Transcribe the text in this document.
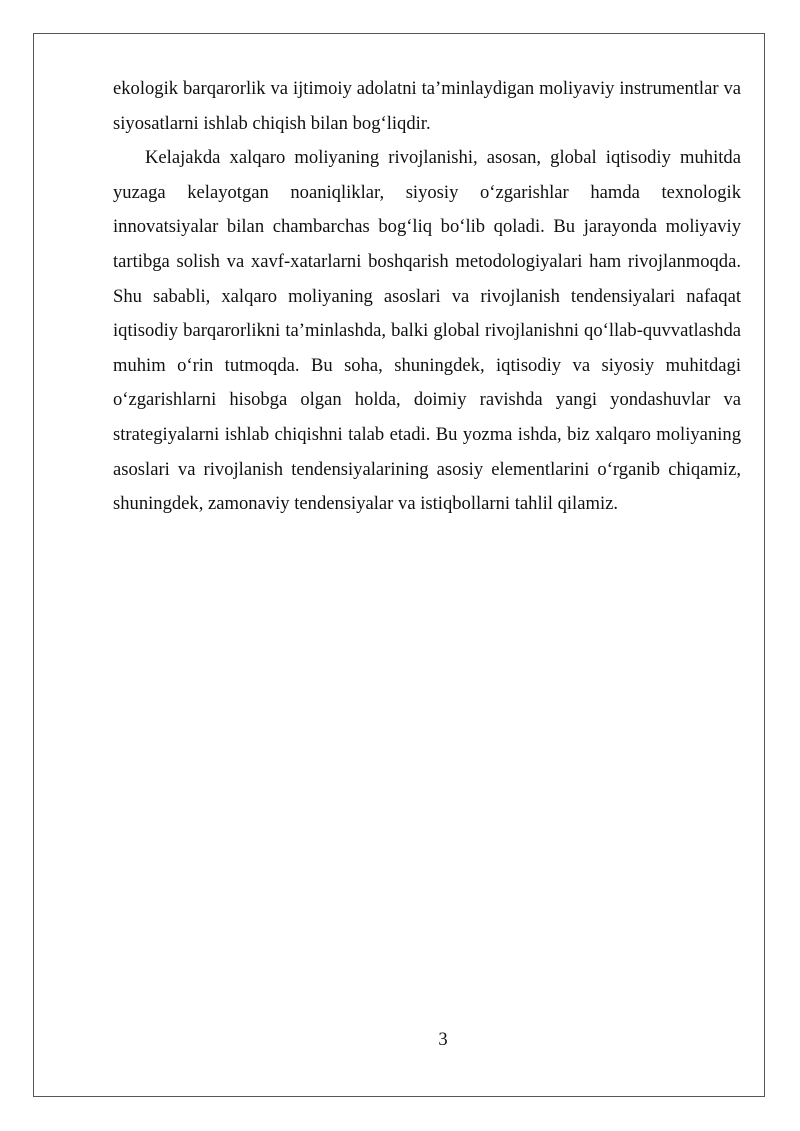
ekologik barqarorlik va ijtimoiy adolatni ta’minlaydigan moliyaviy instrumentlar va siyosatlarni ishlab chiqish bilan bog‘liqdir.

Kelajakda xalqaro moliyaning rivojlanishi, asosan, global iqtisodiy muhitda yuzaga kelayotgan noaniqliklar, siyosiy o‘zgarishlar hamda texnologik innovatsiyalar bilan chambarchas bog‘liq bo‘lib qoladi. Bu jarayonda moliyaviy tartibga solish va xavf-xatarlarni boshqarish metodologiyalari ham rivojlanmoqda. Shu sababli, xalqaro moliyaning asoslari va rivojlanish tendensiyalari nafaqat iqtisodiy barqarorlikni ta’minlashda, balki global rivojlanishni qo‘llab-quvvatlashda muhim o‘rin tutmoqda. Bu soha, shuningdek, iqtisodiy va siyosiy muhitdagi o‘zgarishlarni hisobga olgan holda, doimiy ravishda yangi yondashuvlar va strategiyalarni ishlab chiqishni talab etadi. Bu yozma ishda, biz xalqaro moliyaning asoslari va rivojlanish tendensiyalarining asosiy elementlarini o‘rganib chiqamiz, shuningdek, zamonaviy tendensiyalar va istiqbollarni tahlil qilamiz.

3
